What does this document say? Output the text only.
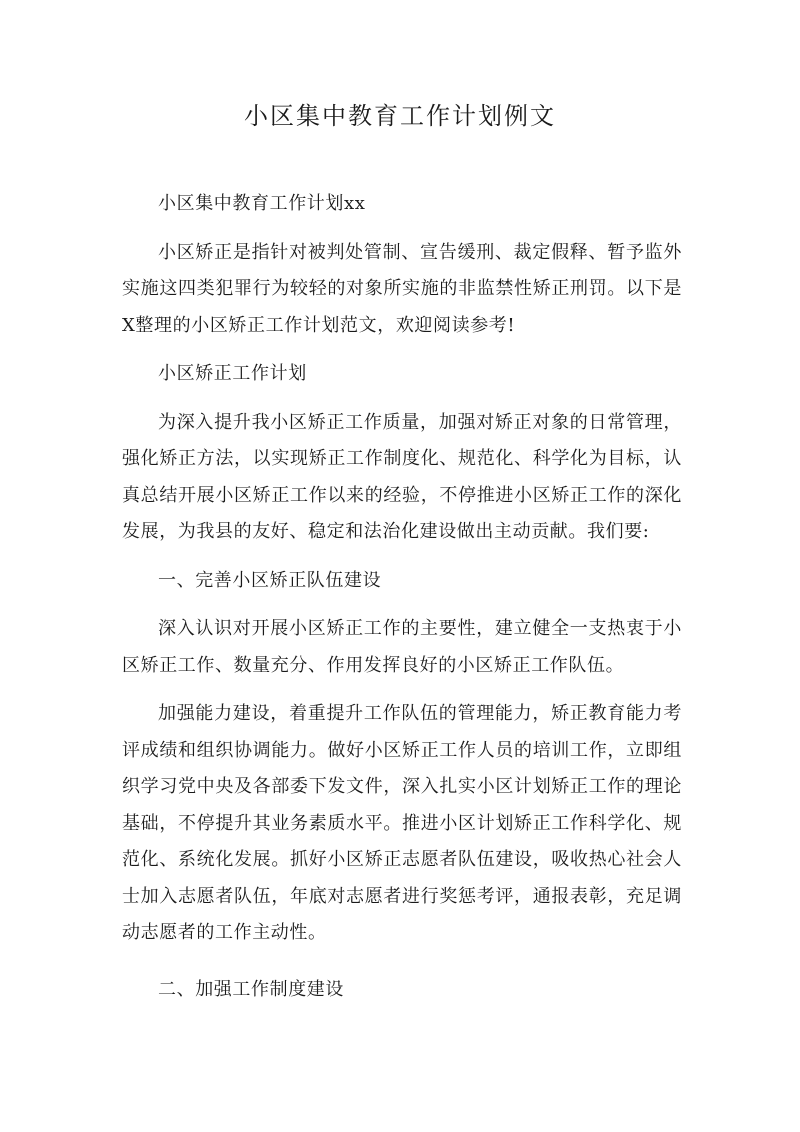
小区集中教育工作计划例文

小区集中教育工作计划xx

小区矫正是指针对被判处管制、宣告缓刑、裁定假释、暂予监外实施这四类犯罪行为较轻的对象所实施的非监禁性矫正刑罚。以下是X整理的小区矫正工作计划范文，欢迎阅读参考!

小区矫正工作计划

为深入提升我小区矫正工作质量，加强对矫正对象的日常管理，强化矫正方法，以实现矫正工作制度化、规范化、科学化为目标，认真总结开展小区矫正工作以来的经验，不停推进小区矫正工作的深化发展，为我县的友好、稳定和法治化建设做出主动贡献。我们要:

一、完善小区矫正队伍建设

深入认识对开展小区矫正工作的主要性，建立健全一支热衷于小区矫正工作、数量充分、作用发挥良好的小区矫正工作队伍。

加强能力建设，着重提升工作队伍的管理能力，矫正教育能力考评成绩和组织协调能力。做好小区矫正工作人员的培训工作，立即组织学习党中央及各部委下发文件，深入扎实小区计划矫正工作的理论基础，不停提升其业务素质水平。推进小区计划矫正工作科学化、规范化、系统化发展。抓好小区矫正志愿者队伍建设，吸收热心社会人士加入志愿者队伍，年底对志愿者进行奖惩考评，通报表彰，充足调动志愿者的工作主动性。

二、加强工作制度建设
